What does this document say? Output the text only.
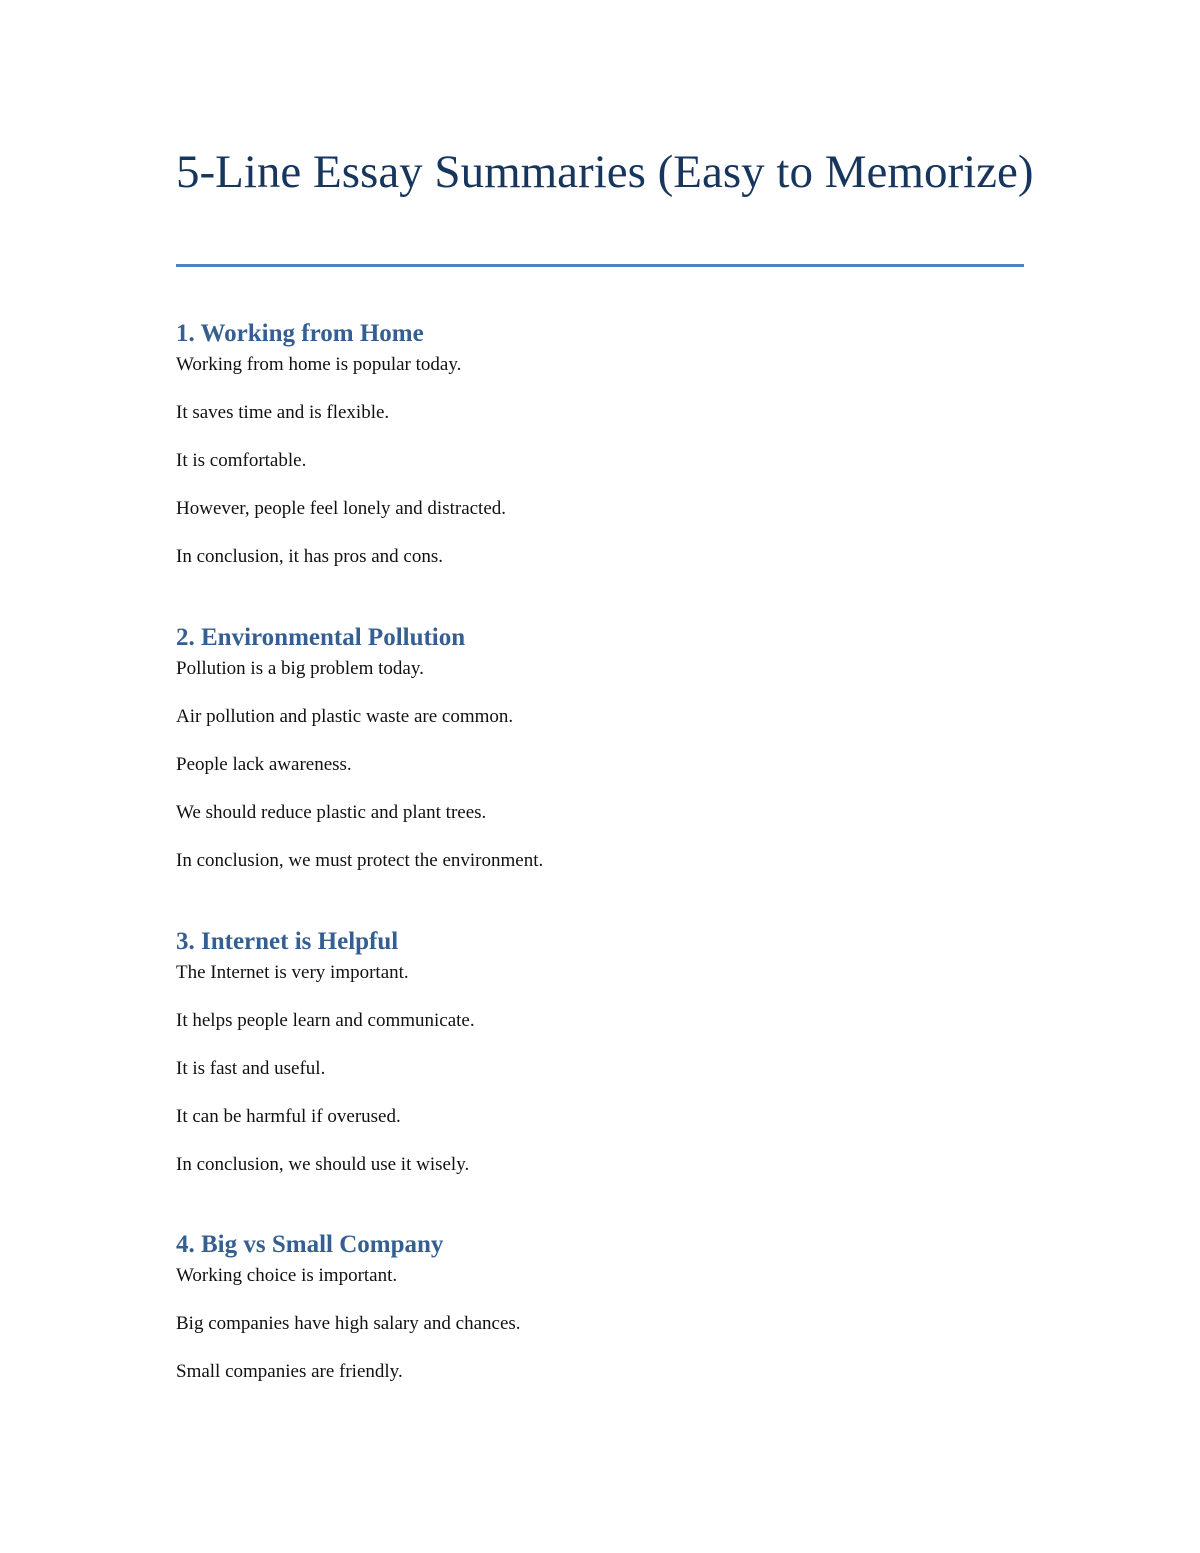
5-Line Essay Summaries (Easy to Memorize)
1. Working from Home

Working from home is popular today.

It saves time and is flexible.

It is comfortable.

However, people feel lonely and distracted.

In conclusion, it has pros and cons.

2. Environmental Pollution

Pollution is a big problem today.

Air pollution and plastic waste are common.

People lack awareness.

We should reduce plastic and plant trees.

In conclusion, we must protect the environment.

3. Internet is Helpful

The Internet is very important.

It helps people learn and communicate.

It is fast and useful.

It can be harmful if overused.

In conclusion, we should use it wisely.

4. Big vs Small Company

Working choice is important.

Big companies have high salary and chances.

Small companies are friendly.
